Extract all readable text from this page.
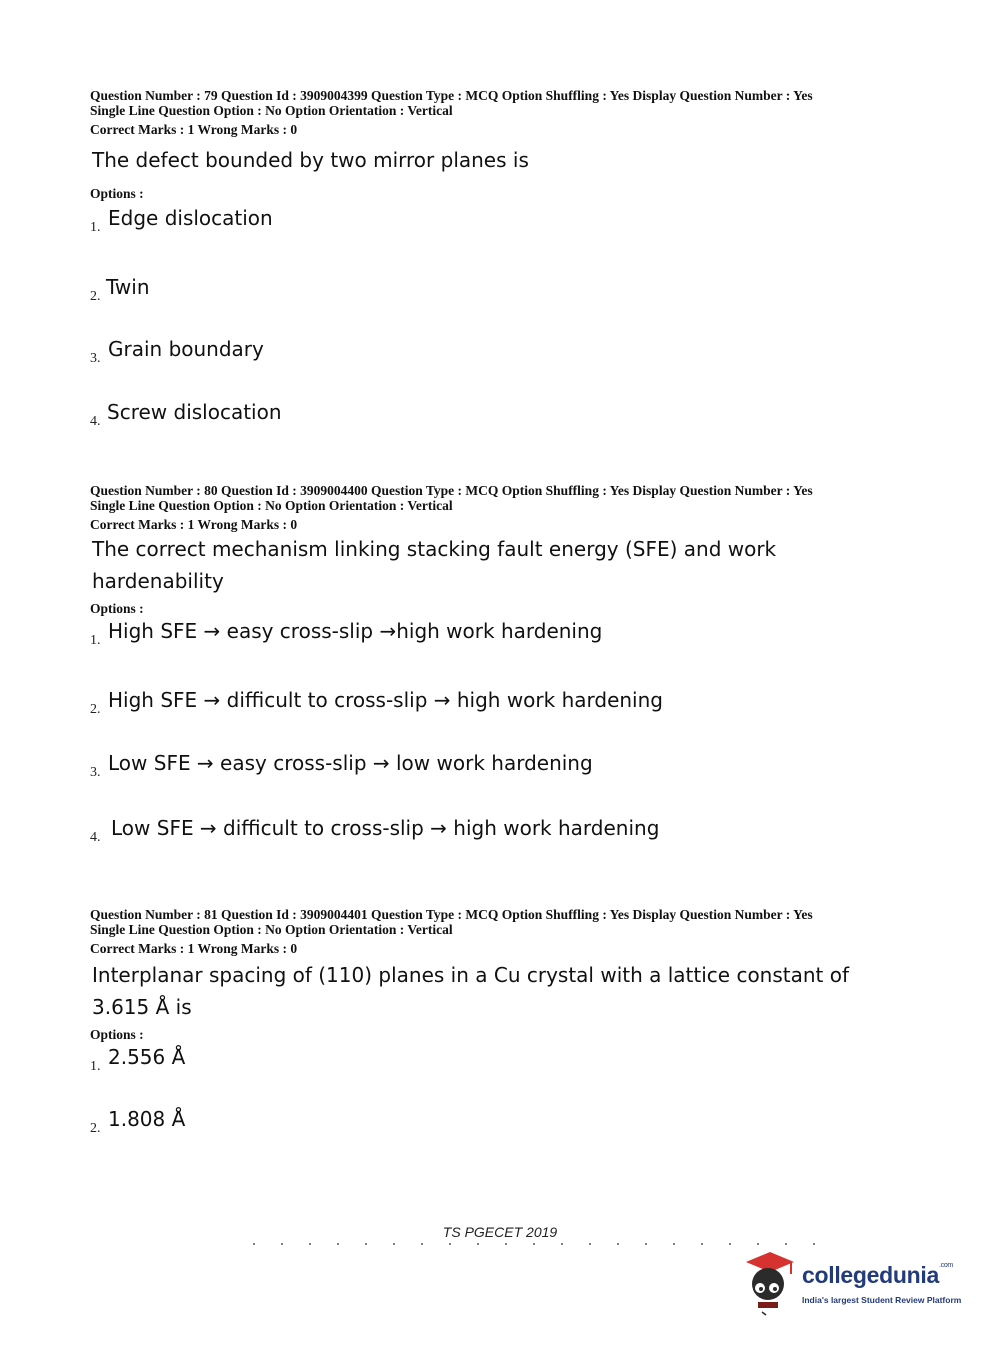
Question Number : 79 Question Id : 3909004399 Question Type : MCQ Option Shuffling : Yes Display Question Number : Yes
Single Line Question Option : No Option Orientation : Vertical
Correct Marks : 1 Wrong Marks : 0
The defect bounded by two mirror planes is
Options :
1. Edge dislocation
2. Twin
3. Grain boundary
4. Screw dislocation
Question Number : 80 Question Id : 3909004400 Question Type : MCQ Option Shuffling : Yes Display Question Number : Yes
Single Line Question Option : No Option Orientation : Vertical
Correct Marks : 1 Wrong Marks : 0
The correct mechanism linking stacking fault energy (SFE) and work
hardenability
Options :
1. High SFE → easy cross-slip →high work hardening
2. High SFE → difficult to cross-slip → high work hardening
3. Low SFE → easy cross-slip → low work hardening
4. Low SFE → difficult to cross-slip → high work hardening
Question Number : 81 Question Id : 3909004401 Question Type : MCQ Option Shuffling : Yes Display Question Number : Yes
Single Line Question Option : No Option Orientation : Vertical
Correct Marks : 1 Wrong Marks : 0
Interplanar spacing of (110) planes in a Cu crystal with a lattice constant of
3.615 Å is
Options :
1. 2.556 Å
2. 1.808 Å
TS PGECET 2019
collegedunia$^{.com}$
India's largest Student Review Platform
